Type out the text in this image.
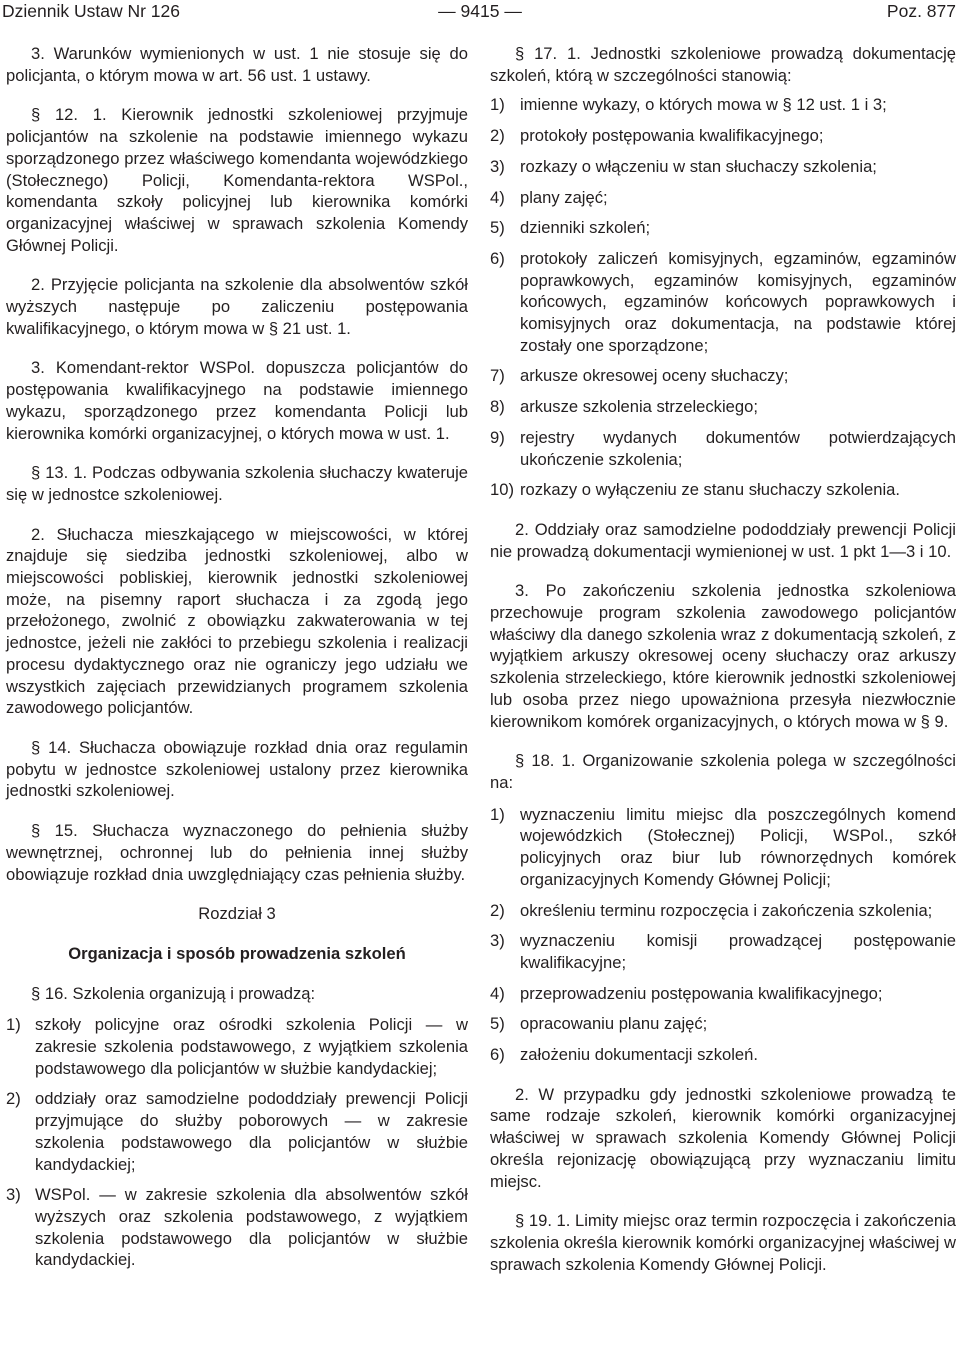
Dziennik Ustaw Nr 126	— 9415 —	Poz. 877

3. Warunków wymienionych w ust. 1 nie stosuje się do policjanta, o którym mowa w art. 56 ust. 1 ustawy.

§ 12. 1. Kierownik jednostki szkoleniowej przyjmuje policjantów na szkolenie na podstawie imiennego wykazu sporządzonego przez właściwego komendanta wojewódzkiego (Stołecznego) Policji, Komendanta-rektora WSPol., komendanta szkoły policyjnej lub kierownika komórki organizacyjnej właściwej w sprawach szkolenia Komendy Głównej Policji.

2. Przyjęcie policjanta na szkolenie dla absolwentów szkół wyższych następuje po zaliczeniu postępowania kwalifikacyjnego, o którym mowa w § 21 ust. 1.

3. Komendant-rektor WSPol. dopuszcza policjantów do postępowania kwalifikacyjnego na podstawie imiennego wykazu, sporządzonego przez komendanta Policji lub kierownika komórki organizacyjnej, o których mowa w ust. 1.

§ 13. 1. Podczas odbywania szkolenia słuchaczy kwateruje się w jednostce szkoleniowej.

2. Słuchacza mieszkającego w miejscowości, w której znajduje się siedziba jednostki szkoleniowej, albo w miejscowości pobliskiej, kierownik jednostki szkoleniowej może, na pisemny raport słuchacza i za zgodą jego przełożonego, zwolnić z obowiązku zakwaterowania w tej jednostce, jeżeli nie zakłóci to przebiegu szkolenia i realizacji procesu dydaktycznego oraz nie ograniczy jego udziału we wszystkich zajęciach przewidzianych programem szkolenia zawodowego policjantów.

§ 14. Słuchacza obowiązuje rozkład dnia oraz regulamin pobytu w jednostce szkoleniowej ustalony przez kierownika jednostki szkoleniowej.

§ 15. Słuchacza wyznaczonego do pełnienia służby wewnętrznej, ochronnej lub do pełnienia innej służby obowiązuje rozkład dnia uwzględniający czas pełnienia służby.

Rozdział 3

Organizacja i sposób prowadzenia szkoleń

§ 16. Szkolenia organizują i prowadzą:

1) szkoły policyjne oraz ośrodki szkolenia Policji — w zakresie szkolenia podstawowego, z wyjątkiem szkolenia podstawowego dla policjantów w służbie kandydackiej;
2) oddziały oraz samodzielne pododdziały prewencji Policji przyjmujące do służby poborowych — w zakresie szkolenia podstawowego dla policjantów w służbie kandydackiej;
3) WSPol. — w zakresie szkolenia dla absolwentów szkół wyższych oraz szkolenia podstawowego, z wyjątkiem szkolenia podstawowego dla policjantów w służbie kandydackiej.

§ 17. 1. Jednostki szkoleniowe prowadzą dokumentację szkoleń, którą w szczególności stanowią:

1) imienne wykazy, o których mowa w § 12 ust. 1 i 3;
2) protokoły postępowania kwalifikacyjnego;
3) rozkazy o włączeniu w stan słuchaczy szkolenia;
4) plany zajęć;
5) dzienniki szkoleń;
6) protokoły zaliczeń komisyjnych, egzaminów, egzaminów poprawkowych, egzaminów komisyjnych, egzaminów końcowych, egzaminów końcowych poprawkowych i komisyjnych oraz dokumentacja, na podstawie której zostały one sporządzone;
7) arkusze okresowej oceny słuchaczy;
8) arkusze szkolenia strzeleckiego;
9) rejestry wydanych dokumentów potwierdzających ukończenie szkolenia;
10) rozkazy o wyłączeniu ze stanu słuchaczy szkolenia.

2. Oddziały oraz samodzielne pododdziały prewencji Policji nie prowadzą dokumentacji wymienionej w ust. 1 pkt 1—3 i 10.

3. Po zakończeniu szkolenia jednostka szkoleniowa przechowuje program szkolenia zawodowego policjantów właściwy dla danego szkolenia wraz z dokumentacją szkoleń, z wyjątkiem arkuszy okresowej oceny słuchaczy oraz arkuszy szkolenia strzeleckiego, które kierownik jednostki szkoleniowej lub osoba przez niego upoważniona przesyła niezwłocznie kierownikom komórek organizacyjnych, o których mowa w § 9.

§ 18. 1. Organizowanie szkolenia polega w szczególności na:

1) wyznaczeniu limitu miejsc dla poszczególnych komend wojewódzkich (Stołecznej) Policji, WSPol., szkół policyjnych oraz biur lub równorzędnych komórek organizacyjnych Komendy Głównej Policji;
2) określeniu terminu rozpoczęcia i zakończenia szkolenia;
3) wyznaczeniu komisji prowadzącej postępowanie kwalifikacyjne;
4) przeprowadzeniu postępowania kwalifikacyjnego;
5) opracowaniu planu zajęć;
6) założeniu dokumentacji szkoleń.

2. W przypadku gdy jednostki szkoleniowe prowadzą te same rodzaje szkoleń, kierownik komórki organizacyjnej właściwej w sprawach szkolenia Komendy Głównej Policji określa rejonizację obowiązującą przy wyznaczaniu limitu miejsc.

§ 19. 1. Limity miejsc oraz termin rozpoczęcia i zakończenia szkolenia określa kierownik komórki organizacyjnej właściwej w sprawach szkolenia Komendy Głównej Policji.
